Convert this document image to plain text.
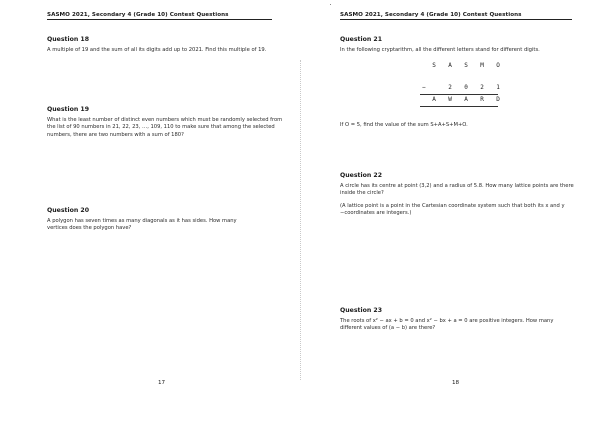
SASMO 2021, Secondary 4 (Grade 10) Contest Questions
Question 18
A multiple of 19 and the sum of all its digits add up to 2021. Find this multiple of 19.
Question 19
What is the least number of distinct even numbers which must be randomly selected from the list of 90 numbers in 21, 22, 23, …, 109, 110 to make sure that among the selected numbers, there are two numbers with a sum of 180?
Question 20
A polygon has seven times as many diagonals as it has sides. How many vertices does the polygon have?
17
SASMO 2021, Secondary 4 (Grade 10) Contest Questions
Question 21
In the following cryptarithm, all the different letters stand for different digits.
If O = 5, find the value of the sum S+A+S+M+O.
Question 22
A circle has its centre at point (3,2) and a radius of 5.8. How many lattice points are there inside the circle?
(A lattice point is a point in the Cartesian coordinate system such that both its x and y −coordinates are integers.)
Question 23
The roots of x² − ax + b = 0 and x² − bx + a = 0 are positive integers. How many different values of (a − b) are there?
18
S	A	S	M	O
−	2	0	2	1
A	W	A	R	D
